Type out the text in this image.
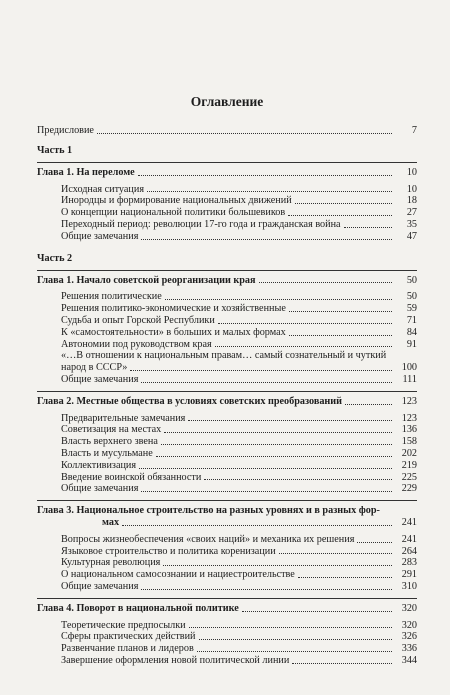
Оглавление
Предисловие	7
Часть 1
Глава 1. На переломе	10
Исходная ситуация	10
Инородцы и формирование национальных движений	18
О концепции национальной политики большевиков	27
Переходный период: революции 17-го года и гражданская война	35
Общие замечания	47
Часть 2
Глава 1. Начало советской реорганизации края	50
Решения политические	50
Решения политико-экономические и хозяйственные	59
Судьба и опыт Горской Республики	71
К «самостоятельности» в больших и малых формах	84
Автономии под руководством края	91
«…В отношении к национальным правам… самый сознательный и чуткий
народ в СССР»	100
Общие замечания	111
Глава 2. Местные общества в условиях советских преобразований	123
Предварительные замечания	123
Советизация на местах	136
Власть верхнего звена	158
Власть и мусульмане	202
Коллективизация	219
Введение воинской обязанности	225
Общие замечания	229
Глава 3. Национальное строительство на разных уровнях и в разных фор-
мах	241
Вопросы жизнеобеспечения «своих наций» и механика их решения	241
Языковое строительство и политика коренизации	264
Культурная революция	283
О национальном самосознании и нациестроительстве	291
Общие замечания	310
Глава 4. Поворот в национальной политике	320
Теоретические предпосылки	320
Сферы практических действий	326
Развенчание планов и лидеров	336
Завершение оформления новой политической линии	344
